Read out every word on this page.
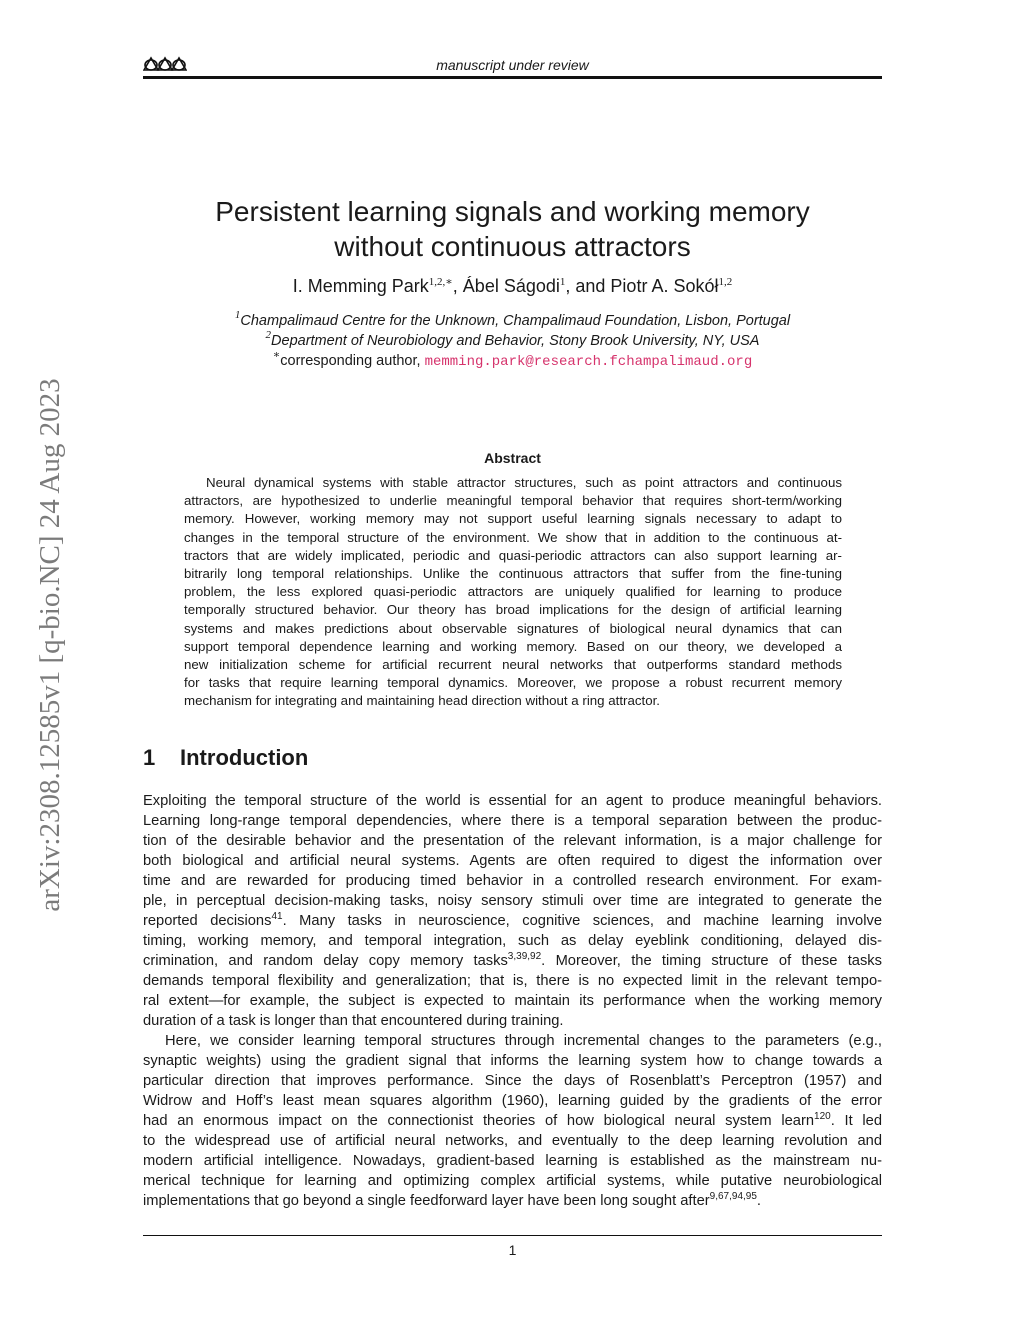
manuscript under review
arXiv:2308.12585v1 [q-bio.NC] 24 Aug 2023
Persistent learning signals and working memory
without continuous attractors
I. Memming Park$^{1,2,∗}$, Ábel Ságodi$^1$, and Piotr A. Sokół$^{1,2}$
$^1$Champalimaud Centre for the Unknown, Champalimaud Foundation, Lisbon, Portugal
$^2$Department of Neurobiology and Behavior, Stony Brook University, NY, USA
∗corresponding author, memming.park@research.fchampalimaud.org
Abstract
Neural dynamical systems with stable attractor structures, such as point attractors and continuous
attractors, are hypothesized to underlie meaningful temporal behavior that requires short-term/working
memory. However, working memory may not support useful learning signals necessary to adapt to
changes in the temporal structure of the environment. We show that in addition to the continuous at-
tractors that are widely implicated, periodic and quasi-periodic attractors can also support learning ar-
bitrarily long temporal relationships. Unlike the continuous attractors that suffer from the fine-tuning
problem, the less explored quasi-periodic attractors are uniquely qualified for learning to produce
temporally structured behavior. Our theory has broad implications for the design of artificial learning
systems and makes predictions about observable signatures of biological neural dynamics that can
support temporal dependence learning and working memory. Based on our theory, we developed a
new initialization scheme for artificial recurrent neural networks that outperforms standard methods
for tasks that require learning temporal dynamics. Moreover, we propose a robust recurrent memory
mechanism for integrating and maintaining head direction without a ring attractor.
1 Introduction
Exploiting the temporal structure of the world is essential for an agent to produce meaningful behaviors.
Learning long-range temporal dependencies, where there is a temporal separation between the produc-
tion of the desirable behavior and the presentation of the relevant information, is a major challenge for
both biological and artificial neural systems. Agents are often required to digest the information over
time and are rewarded for producing timed behavior in a controlled research environment. For exam-
ple, in perceptual decision-making tasks, noisy sensory stimuli over time are integrated to generate the
reported decisions$^{41}$. Many tasks in neuroscience, cognitive sciences, and machine learning involve
timing, working memory, and temporal integration, such as delay eyeblink conditioning, delayed dis-
crimination, and random delay copy memory tasks$^{3,39,92}$. Moreover, the timing structure of these tasks
demands temporal flexibility and generalization; that is, there is no expected limit in the relevant tempo-
ral extent—for example, the subject is expected to maintain its performance when the working memory
duration of a task is longer than that encountered during training.
Here, we consider learning temporal structures through incremental changes to the parameters (e.g.,
synaptic weights) using the gradient signal that informs the learning system how to change towards a
particular direction that improves performance. Since the days of Rosenblatt’s Perceptron (1957) and
Widrow and Hoff’s least mean squares algorithm (1960), learning guided by the gradients of the error
had an enormous impact on the connectionist theories of how biological neural system learn$^{120}$. It led
to the widespread use of artificial neural networks, and eventually to the deep learning revolution and
modern artificial intelligence. Nowadays, gradient-based learning is established as the mainstream nu-
merical technique for learning and optimizing complex artificial systems, while putative neurobiological
implementations that go beyond a single feedforward layer have been long sought after$^{9,67,94,95}$.
1
